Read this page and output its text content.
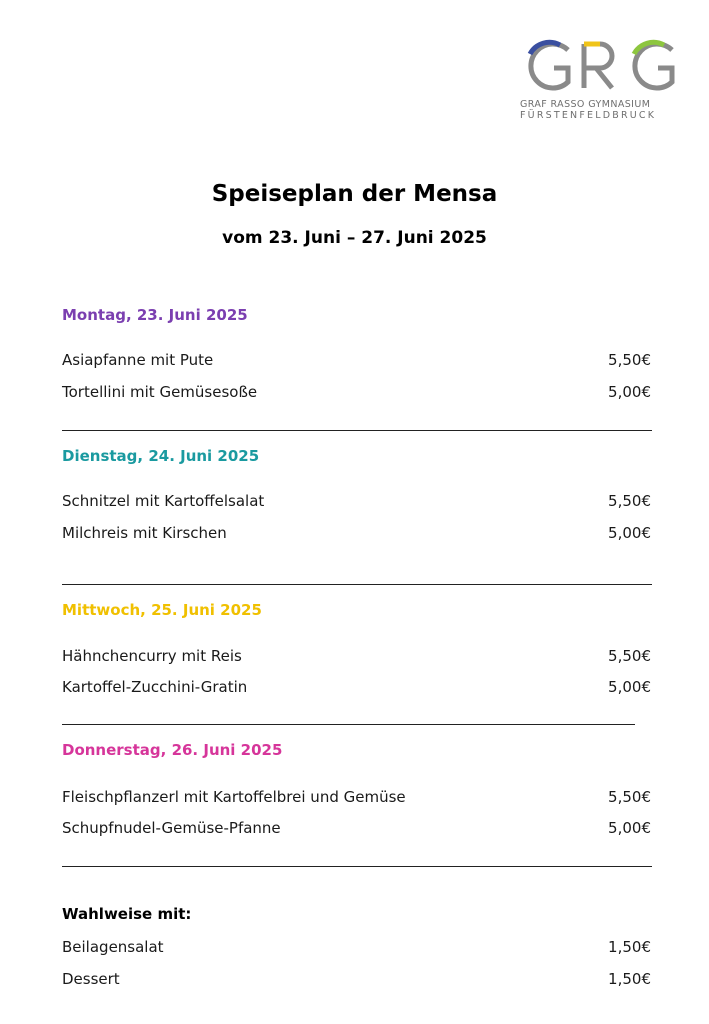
GRAF RASSO GYMNASIUM
FÜRSTENFELDBRUCK
Speiseplan der Mensa
vom 23. Juni – 27. Juni 2025
Montag, 23. Juni 2025
Asiapfanne mit Pute	5,50€
Tortellini mit Gemüsesoße	5,00€
Dienstag, 24. Juni 2025
Schnitzel mit Kartoffelsalat	5,50€
Milchreis mit Kirschen	5,00€
Mittwoch, 25. Juni 2025
Hähnchencurry mit Reis	5,50€
Kartoffel-Zucchini-Gratin	5,00€
Donnerstag, 26. Juni 2025
Fleischpflanzerl mit Kartoffelbrei und Gemüse	5,50€
Schupfnudel-Gemüse-Pfanne	5,00€
Wahlweise mit:
Beilagensalat	1,50€
Dessert	1,50€
